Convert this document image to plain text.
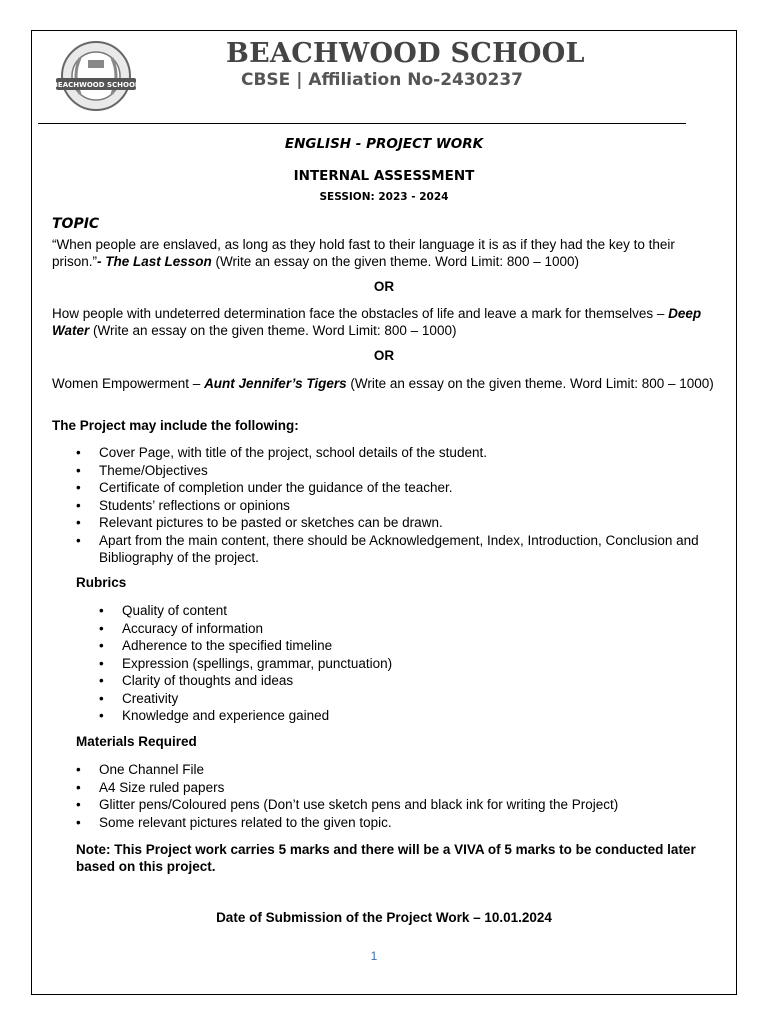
BEACHWOOD SCHOOL
BEACHWOOD SCHOOL
CBSE | Affiliation No-2430237
ENGLISH - PROJECT WORK
INTERNAL ASSESSMENT
SESSION: 2023 - 2024
TOPIC
“When people are enslaved, as long as they hold fast to their language it is as if they had the key to their prison.”- The Last Lesson (Write an essay on the given theme. Word Limit: 800 – 1000)
OR
How people with undeterred determination face the obstacles of life and leave a mark for themselves – Deep Water (Write an essay on the given theme. Word Limit: 800 – 1000)
OR
Women Empowerment – Aunt Jennifer’s Tigers (Write an essay on the given theme. Word Limit: 800 – 1000)
The Project may include the following:
• Cover Page, with title of the project, school details of the student.
• Theme/Objectives
• Certificate of completion under the guidance of the teacher.
• Students’ reflections or opinions
• Relevant pictures to be pasted or sketches can be drawn.
• Apart from the main content, there should be Acknowledgement, Index, Introduction, Conclusion and Bibliography of the project.
Rubrics
• Quality of content
• Accuracy of information
• Adherence to the specified timeline
• Expression (spellings, grammar, punctuation)
• Clarity of thoughts and ideas
• Creativity
• Knowledge and experience gained
Materials Required
• One Channel File
• A4 Size ruled papers
• Glitter pens/Coloured pens (Don’t use sketch pens and black ink for writing the Project)
• Some relevant pictures related to the given topic.
Note: This Project work carries 5 marks and there will be a VIVA of 5 marks to be conducted later based on this project.
Date of Submission of the Project Work – 10.01.2024
1
